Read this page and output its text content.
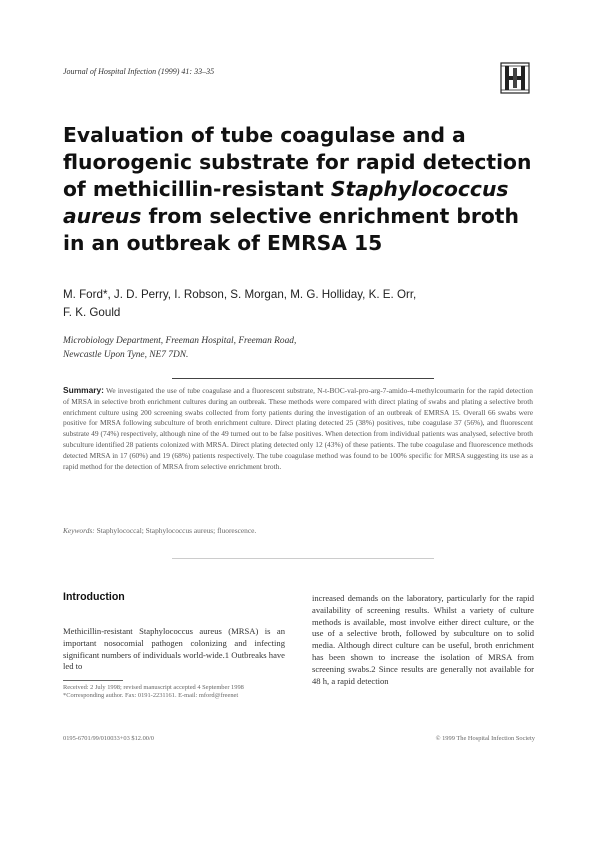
Journal of Hospital Infection (1999) 41: 33–35
Evaluation of tube coagulase and a
fluorogenic substrate for rapid detection
of methicillin-resistant Staphylococcus
aureus from selective enrichment broth
in an outbreak of EMRSA 15
M. Ford*, J. D. Perry, I. Robson, S. Morgan, M. G. Holliday, K. E. Orr,
F. K. Gould
Microbiology Department, Freeman Hospital, Freeman Road,
Newcastle Upon Tyne, NE7 7DN.
Summary: We investigated the use of tube coagulase and a fluorescent substrate, N-t-BOC-val-pro-arg-7-amido-4-methylcoumarin for the rapid detection of MRSA in selective broth enrichment cultures during an outbreak. These methods were compared with direct plating of swabs and plating a selective broth enrichment culture using 200 screening swabs collected from forty patients during the investigation of an outbreak of EMRSA 15. Overall 66 swabs were positive for MRSA following subculture of broth enrichment culture. Direct plating detected 25 (38%) positives, tube coagulase 37 (56%), and fluorescent substrate 49 (74%) respectively, although nine of the 49 turned out to be false positives. When detection from individual patients was analysed, selective broth subculture identified 28 patients colonized with MRSA. Direct plating detected only 12 (43%) of these patients. The tube coagulase and fluorescence methods detected MRSA in 17 (60%) and 19 (68%) patients respectively. The tube coagulase method was found to be 100% specific for MRSA suggesting its use as a rapid method for the detection of MRSA from selective enrichment broth.
Keywords: Staphylococcal; Staphylococcus aureus; fluorescence.
Introduction
Methicillin-resistant Staphylococcus aureus (MRSA) is an important nosocomial pathogen colonizing and infecting significant numbers of individuals world-wide.1 Outbreaks have led to
Received: 2 July 1998; revised manuscript accepted 4 September 1998
*Corresponding author. Fax: 0191-2231161. E-mail: mford@freenet
increased demands on the laboratory, particularly for the rapid availability of screening results. Whilst a variety of culture methods is available, most involve either direct culture, or the use of a selective broth, followed by subculture on to solid media. Although direct culture can be useful, broth enrichment has been shown to increase the isolation of MRSA from screening swabs.2 Since results are generally not available for 48 h, a rapid detection
0195-6701/99/010033+03 $12.00/0	© 1999 The Hospital Infection Society
